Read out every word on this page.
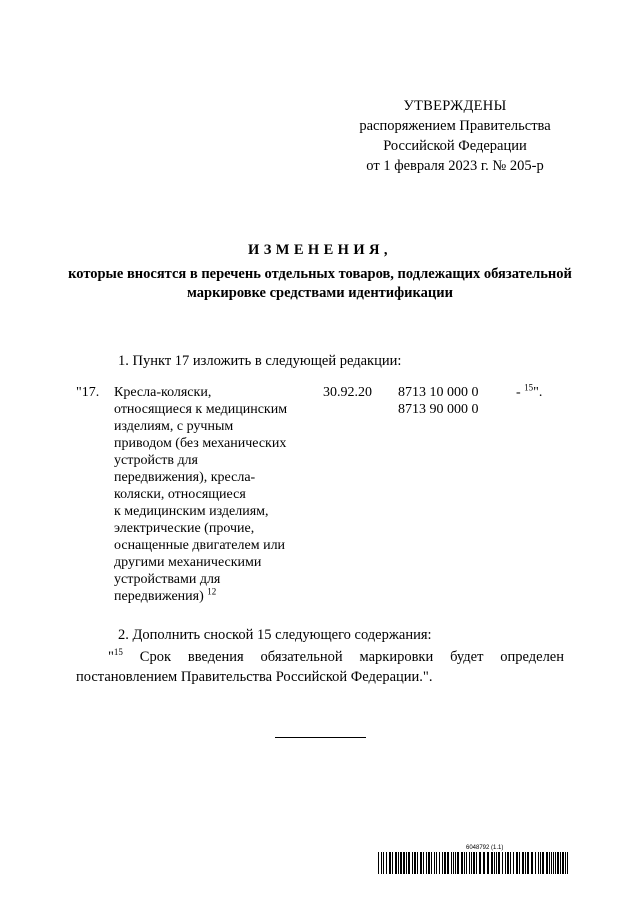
УТВЕРЖДЕНЫ
распоряжением Правительства
Российской Федерации
от 1 февраля 2023 г. № 205-р
ИЗМЕНЕНИЯ,
которые вносятся в перечень отдельных товаров, подлежащих обязательной маркировке средствами идентификации
1. Пункт 17 изложить в следующей редакции:
"17. Кресла-коляски,
относящиеся к медицинским
изделиям, с ручным
приводом (без механических
устройств для
передвижения), кресла-
коляски, относящиеся
к медицинским изделиям,
электрические (прочие,
оснащенные двигателем или
другими механическими
устройствами для
передвижения) $^{12}$
30.92.20 8713 10 000 0
8713 90 000 0
- $^{15}$".
2. Дополнить сноской 15 следующего содержания:
"$^{15}$ Срок введения обязательной маркировки будет определен
постановлением Правительства Российской Федерации.".
6048792 (1.1)
